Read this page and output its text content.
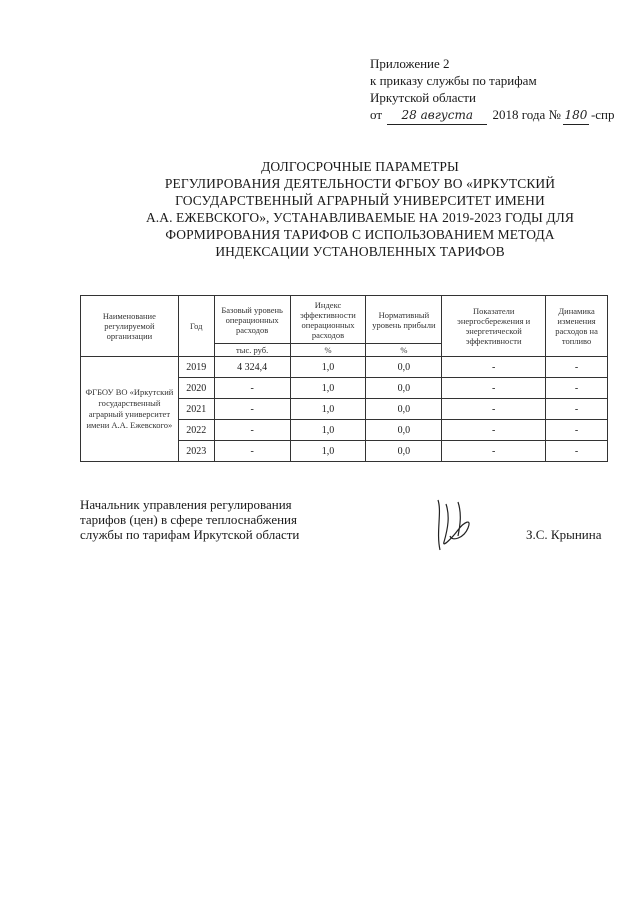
Приложение 2
к приказу службы по тарифам
Иркутской области
от 28 августа 2018 года № 180 -спр
ДОЛГОСРОЧНЫЕ ПАРАМЕТРЫ
РЕГУЛИРОВАНИЯ ДЕЯТЕЛЬНОСТИ ФГБОУ ВО «ИРКУТСКИЙ
ГОСУДАРСТВЕННЫЙ АГРАРНЫЙ УНИВЕРСИТЕТ ИМЕНИ
А.А. ЕЖЕВСКОГО», УСТАНАВЛИВАЕМЫЕ НА 2019-2023 ГОДЫ ДЛЯ
ФОРМИРОВАНИЯ ТАРИФОВ С ИСПОЛЬЗОВАНИЕМ МЕТОДА
ИНДЕКСАЦИИ УСТАНОВЛЕННЫХ ТАРИФОВ
Наименование регулируемой организации	Год	Базовый уровень операционных расходов	Индекс эффективности операционных расходов	Нормативный уровень прибыли	Показатели энергосбережения и энергетической эффективности	Динамика изменения расходов на топливо
		тыс. руб.	%	%		
ФГБОУ ВО «Иркутский государственный аграрный университет имени А.А. Ежевского»	2019	4 324,4	1,0	0,0	-	-
	2020	-	1,0	0,0	-	-
	2021	-	1,0	0,0	-	-
	2022	-	1,0	0,0	-	-
	2023	-	1,0	0,0	-	-
Начальник управления регулирования
тарифов (цен) в сфере теплоснабжения
службы по тарифам Иркутской области	З.С. Крынина
